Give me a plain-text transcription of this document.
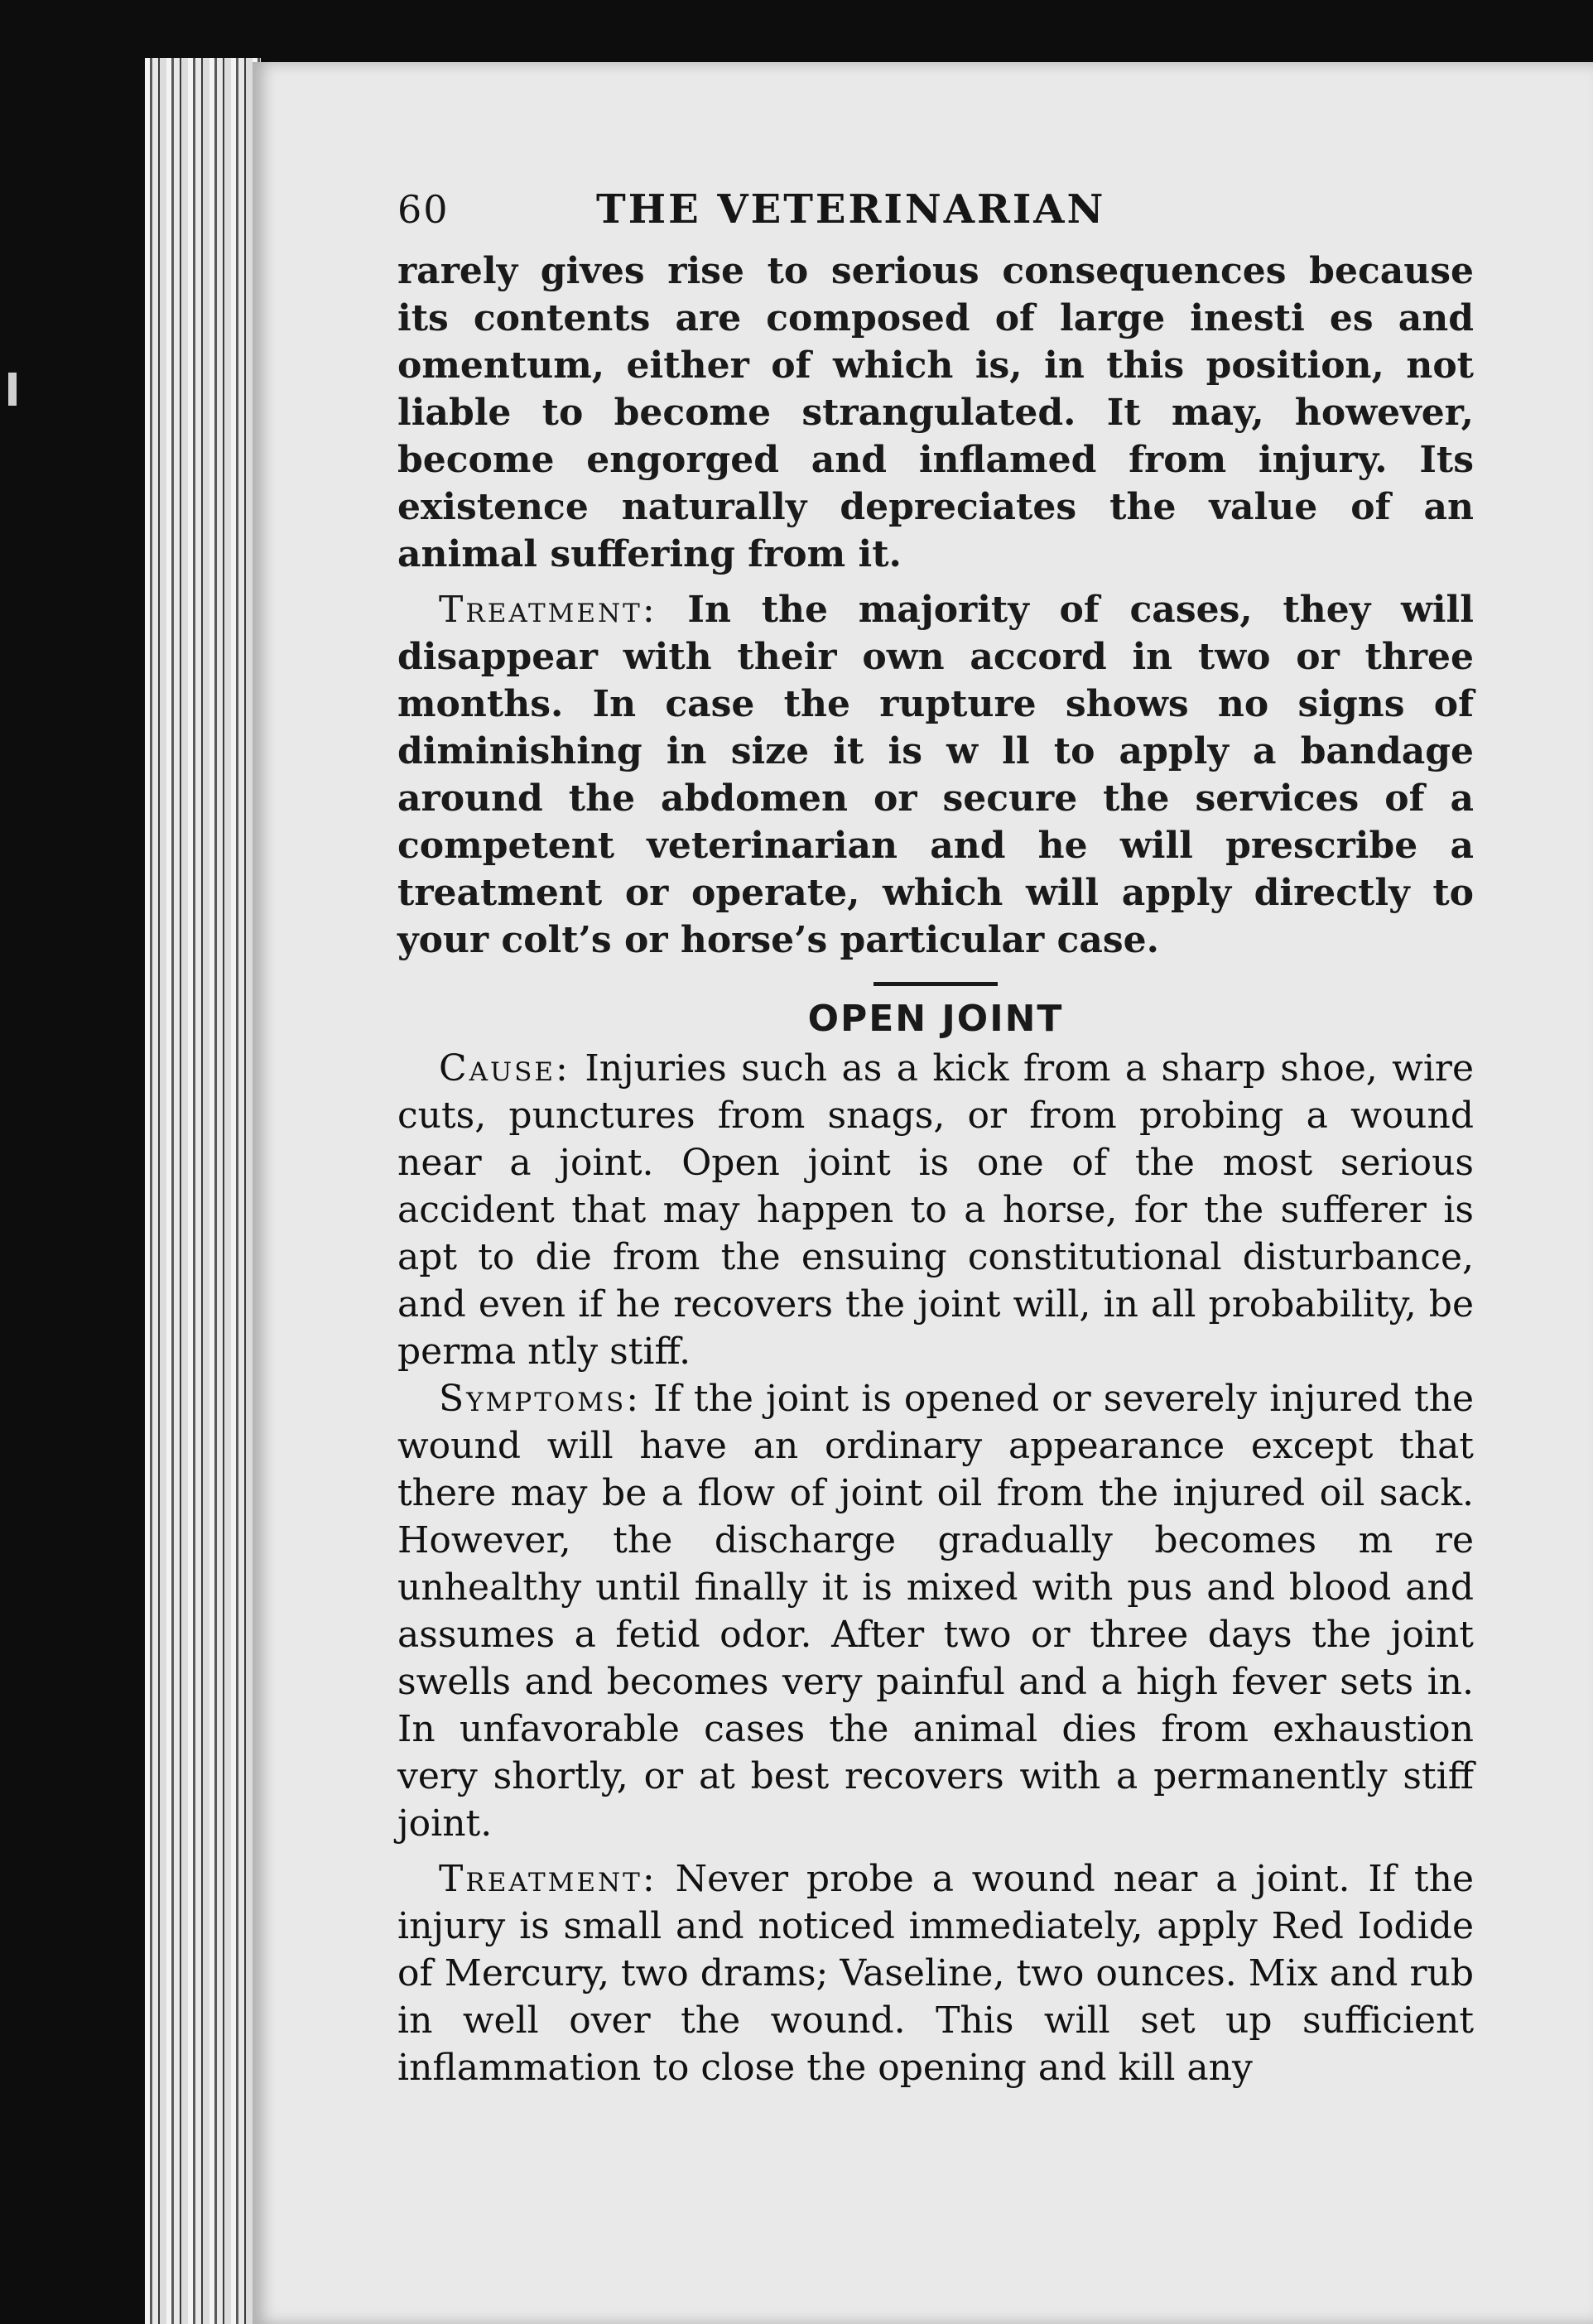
60	THE VETERINARIAN

rarely gives rise to serious consequences because its contents are composed of large inesti es and omentum, either of which is, in this position, not liable to become strangulated. It may, however, become engorged and inflamed from injury. Its existence naturally depreciates the value of an animal suffering from it.

Treatment: In the majority of cases, they will disappear with their own accord in two or three months. In case the rupture shows no signs of diminishing in size it is w ll to apply a bandage around the abdomen or secure the services of a competent veterinarian and he will prescribe a treatment or operate, which will apply directly to your colt’s or horse’s particular case.

OPEN JOINT

Cause: Injuries such as a kick from a sharp shoe, wire cuts, punctures from snags, or from probing a wound near a joint. Open joint is one of the most serious accident that may happen to a horse, for the sufferer is apt to die from the ensuing constitutional disturbance, and even if he recovers the joint will, in all probability, be perma ntly stiff.

Symptoms: If the joint is opened or severely injured the wound will have an ordinary appearance except that there may be a flow of joint oil from the injured oil sack. However, the discharge gradually becomes m re unhealthy until finally it is mixed with pus and blood and assumes a fetid odor. After two or three days the joint swells and becomes very painful and a high fever sets in. In unfavorable cases the animal dies from exhaustion very shortly, or at best recovers with a permanently stiff joint.

Treatment: Never probe a wound near a joint. If the injury is small and noticed immediately, apply Red Iodide of Mercury, two drams; Vaseline, two ounces. Mix and rub in well over the wound. This will set up sufficient inflammation to close the opening and kill any
